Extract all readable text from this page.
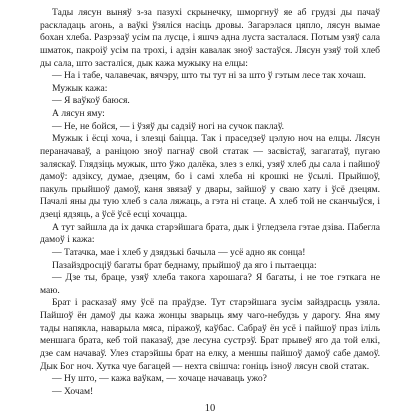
Тады лясун выняў з-за пазухі скрынечку, шморгнуў яе аб грудзі ды пачаў раскладаць агонь, а ваўкі ўзяліся насіць дровы. Загарэлася цяпло, лясун вымае бохан хлеба. Разрэзаў усім па лусце, і яшчэ адна луста засталася. Потым узяў сала шматок, пакроіў усім па трохі, і адзін кавалак зноў застаўся. Лясун узяў той хлеб ды сала, што засталіся, дык кажа мужыку на елцы:

— На і табе, чалавечак, вячэру, што ты тут ні за што ў гэтым лесе так хочаш.

Мужык кажа:

— Я ваўкоў баюся.

А лясун яму:

— Не, не бойся, — і ўзяў ды садзіў ногі на сучок паклаў.

Мужык і ёсці хоча, і злезці баіцца. Так і праседзеў цэлую ноч на елцы. Лясун пераначаваў, а раніцою зноў пагнаў свой статак — засвістаў, загагатаў, пугаю заляскаў. Глядзіць мужык, што ўжо далёка, злез з елкі, узяў хлеб ды сала і пайшоў дамоў: адзіксу, думае, дзецям, бо і самі хлеба ні крошкі не ўсылі. Прыйшоў, пакуль прыйшоў дамоў, каня звязаў у двары, зайшоў у сваю хату і ўсё дзецям. Пачалі яны ды тую хлеб з сала ляжаць, а гэта ні стаце. А хлеб той не сканчыўся, і дзеці ядзяць, а ўсё ўсё есці хочацца.

А тут зайшла да іх дачка старэйшага брата, дык і ўгледзела гэтае дзіва. Пабегла дамоў і кажа:

— Татачка, мае і хлеб у дзядзькі бачыла — усё адно як сонца!

Пазайздросціў багаты брат беднаму, прыйшоў да яго і пытаецца:

— Дзе ты, браце, узяў хлеба такога харошага? Я багаты, і не тое гэткага не маю.

Брат і расказаў яму ўсё па праўдзе. Тут старэйшага зусім зайздрасць узяла. Пайшоў ён дамоў ды кажа жонцы зварыць яму чаго-небудзь у дарогу. Яна яму тады напякла, наварыла мяса, піражоў, каўбас. Сабраў ён усё і пайшоў праз іліль меншага брата, кеб той паказаў, дзе лесуна сустрэў. Брат прывеў яго да той елкі, дзе сам начаваў. Улез старэйшы брат на елку, а меншы пайшоў дамоў сабе дамоў. Дык Бог ноч. Хутка чуе багацей — нехта свішча: гоніць ізноў лясун свой статак.

— Ну што, — кажа ваўкам, — хочаце начаваць ужо?

— Хочам!

10
